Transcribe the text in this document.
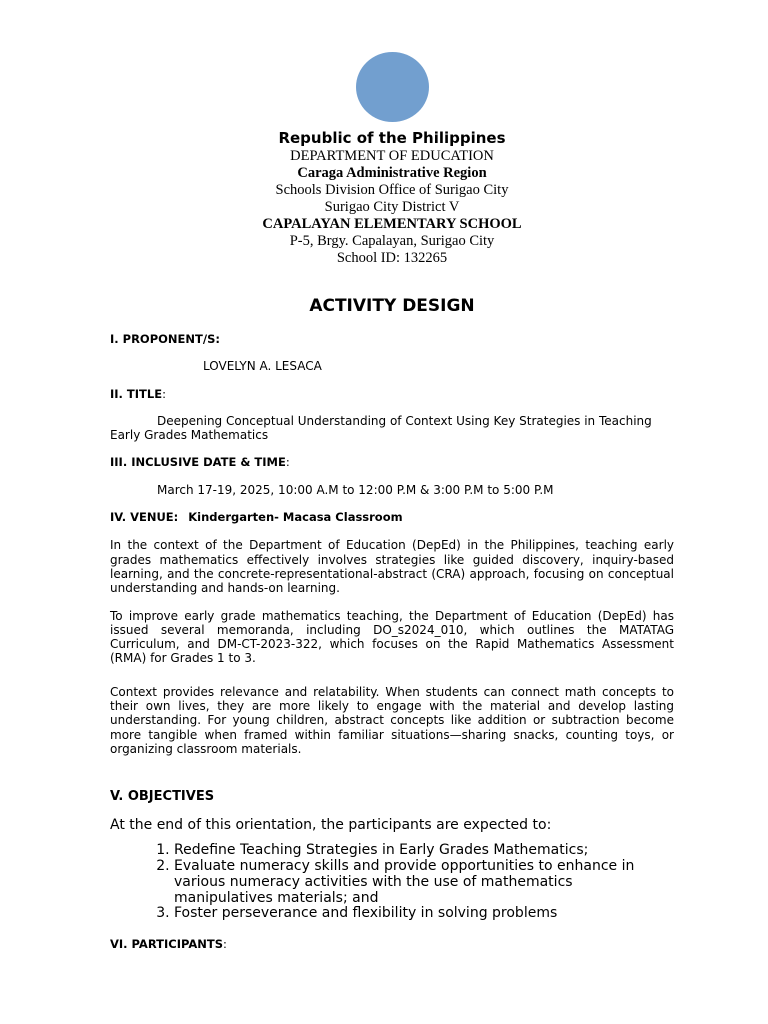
Republic of the Philippines
DEPARTMENT OF EDUCATION
Caraga Administrative Region
Schools Division Office of Surigao City
Surigao City District V
CAPALAYAN ELEMENTARY SCHOOL
P-5, Brgy. Capalayan, Surigao City
School ID: 132265
ACTIVITY DESIGN

I. PROPONENT/S:

LOVELYN A. LESACA

II. TITLE:

Deepening Conceptual Understanding of Context Using Key Strategies in Teaching Early Grades Mathematics

III. INCLUSIVE DATE & TIME:

March 17-19, 2025, 10:00 A.M to 12:00 P.M & 3:00 P.M to 5:00 P.M

IV. VENUE: Kindergarten- Macasa Classroom

In the context of the Department of Education (DepEd) in the Philippines, teaching early grades mathematics effectively involves strategies like guided discovery, inquiry-based learning, and the concrete-representational-abstract (CRA) approach, focusing on conceptual understanding and hands-on learning.

To improve early grade mathematics teaching, the Department of Education (DepEd) has issued several memoranda, including DO_s2024_010, which outlines the MATATAG Curriculum, and DM-CT-2023-322, which focuses on the Rapid Mathematics Assessment (RMA) for Grades 1 to 3.

Context provides relevance and relatability. When students can connect math concepts to their own lives, they are more likely to engage with the material and develop lasting understanding. For young children, abstract concepts like addition or subtraction become more tangible when framed within familiar situations—sharing snacks, counting toys, or organizing classroom materials.

V. OBJECTIVES

At the end of this orientation, the participants are expected to:

1. Redefine Teaching Strategies in Early Grades Mathematics;
2. Evaluate numeracy skills and provide opportunities to enhance in various numeracy activities with the use of mathematics manipulatives materials; and
3. Foster perseverance and flexibility in solving problems

VI. PARTICIPANTS:
